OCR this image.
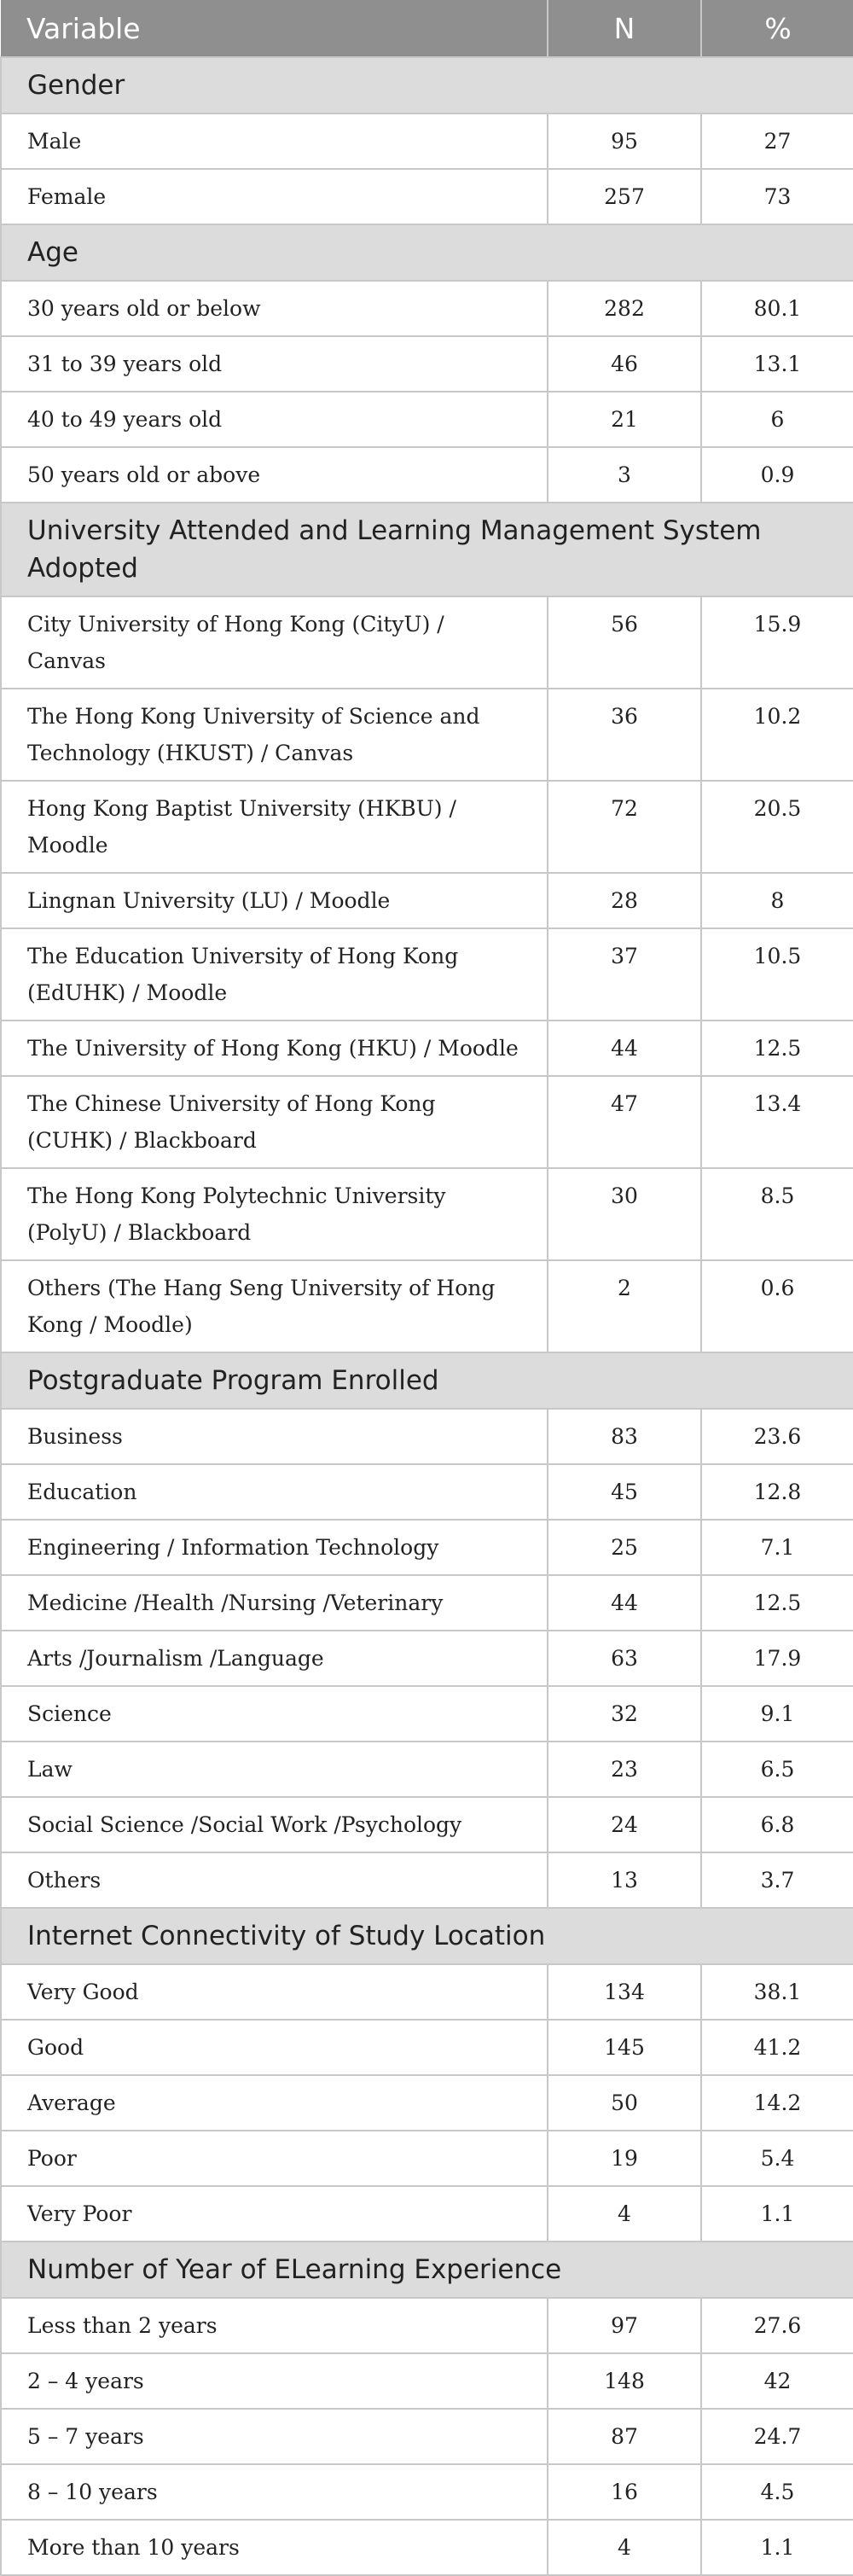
Variable	N	%
Gender		
Male	95	27
Female	257	73
Age		
30 years old or below	282	80.1
31 to 39 years old	46	13.1
40 to 49 years old	21	6
50 years old or above	3	0.9
University Attended and Learning Management System Adopted		
City University of Hong Kong (CityU) / Canvas	56	15.9
The Hong Kong University of Science and Technology (HKUST) / Canvas	36	10.2
Hong Kong Baptist University (HKBU) / Moodle	72	20.5
Lingnan University (LU) / Moodle	28	8
The Education University of Hong Kong (EdUHK) / Moodle	37	10.5
The University of Hong Kong (HKU) / Moodle	44	12.5
The Chinese University of Hong Kong (CUHK) / Blackboard	47	13.4
The Hong Kong Polytechnic University (PolyU) / Blackboard	30	8.5
Others (The Hang Seng University of Hong Kong / Moodle)	2	0.6
Postgraduate Program Enrolled		
Business	83	23.6
Education	45	12.8
Engineering / Information Technology	25	7.1
Medicine /Health /Nursing /Veterinary	44	12.5
Arts /Journalism /Language	63	17.9
Science	32	9.1
Law	23	6.5
Social Science /Social Work /Psychology	24	6.8
Others	13	3.7
Internet Connectivity of Study Location		
Very Good	134	38.1
Good	145	41.2
Average	50	14.2
Poor	19	5.4
Very Poor	4	1.1
Number of Year of ELearning Experience		
Less than 2 years	97	27.6
2 – 4 years	148	42
5 – 7 years	87	24.7
8 – 10 years	16	4.5
More than 10 years	4	1.1
